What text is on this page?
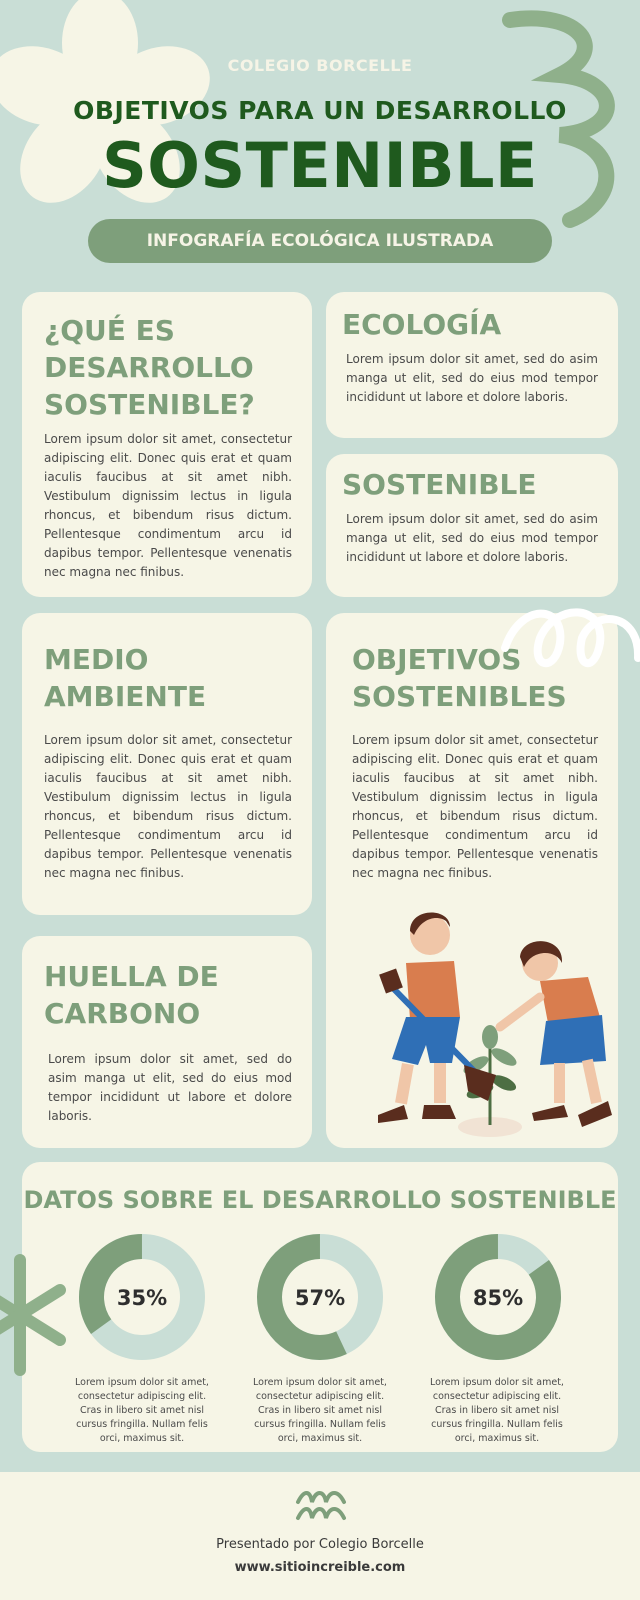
COLEGIO BORCELLE
OBJETIVOS PARA UN DESARROLLO
SOSTENIBLE
INFOGRAFÍA ECOLÓGICA ILUSTRADA
¿QUÉ ES
DESARROLLO
SOSTENIBLE?

Lorem ipsum dolor sit amet, consectetur adipiscing elit. Donec quis erat et quam iaculis faucibus at sit amet nibh. Vestibulum dignissim lectus in ligula rhoncus, et bibendum risus dictum. Pellentesque condimentum arcu id dapibus tempor. Pellentesque venenatis nec magna nec finibus.

ECOLOGÍA

Lorem ipsum dolor sit amet, sed do asim manga ut elit, sed do eius mod tempor incididunt ut labore et dolore laboris.

SOSTENIBLE

Lorem ipsum dolor sit amet, sed do asim manga ut elit, sed do eius mod tempor incididunt ut labore et dolore laboris.

MEDIO
AMBIENTE

Lorem ipsum dolor sit amet, consectetur adipiscing elit. Donec quis erat et quam iaculis faucibus at sit amet nibh. Vestibulum dignissim lectus in ligula rhoncus, et bibendum risus dictum. Pellentesque condimentum arcu id dapibus tempor. Pellentesque venenatis nec magna nec finibus.

OBJETIVOS
SOSTENIBLES

Lorem ipsum dolor sit amet, consectetur adipiscing elit. Donec quis erat et quam iaculis faucibus at sit amet nibh. Vestibulum dignissim lectus in ligula rhoncus, et bibendum risus dictum. Pellentesque condimentum arcu id dapibus tempor. Pellentesque venenatis nec magna nec finibus.

HUELLA DE
CARBONO

Lorem ipsum dolor sit amet, sed do asim manga ut elit, sed do eius mod tempor incididunt ut labore et dolore laboris.

DATOS SOBRE EL DESARROLLO SOSTENIBLE
35%	57%	85%
Lorem ipsum dolor sit amet, consectetur adipiscing elit. Cras in libero sit amet nisl cursus fringilla. Nullam felis orci, maximus sit.
Lorem ipsum dolor sit amet, consectetur adipiscing elit. Cras in libero sit amet nisl cursus fringilla. Nullam felis orci, maximus sit.
Lorem ipsum dolor sit amet, consectetur adipiscing elit. Cras in libero sit amet nisl cursus fringilla. Nullam felis orci, maximus sit.
Presentado por Colegio Borcelle
www.sitioincreible.com
